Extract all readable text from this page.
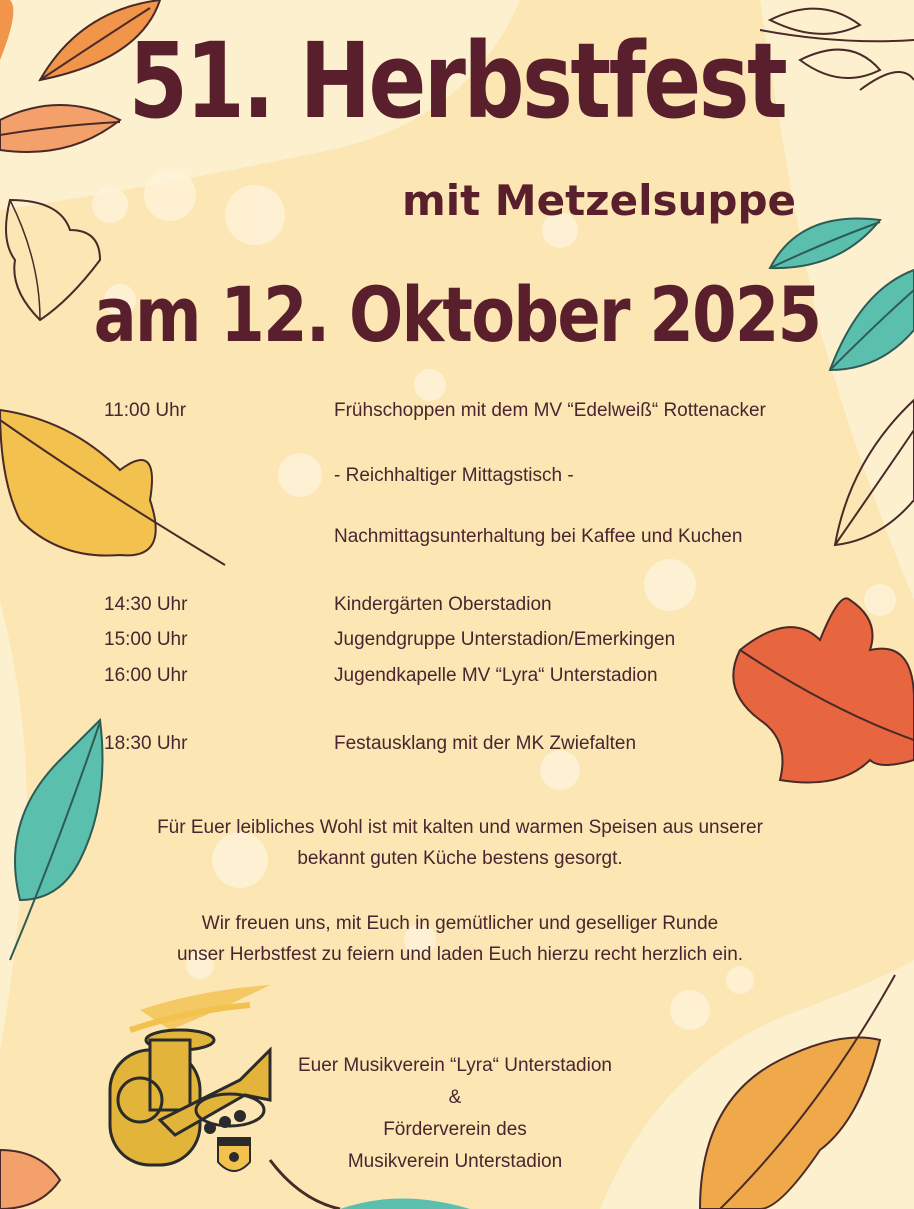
51. Herbstfest
mit Metzelsuppe
am 12. Oktober 2025
11:00 Uhr	Frühschoppen mit dem MV “Edelweiß“ Rottenacker
- Reichhaltiger Mittagstisch -
Nachmittagsunterhaltung bei Kaffee und Kuchen
14:30 Uhr	Kindergärten Oberstadion
15:00 Uhr	Jugendgruppe Unterstadion/Emerkingen
16:00 Uhr	Jugendkapelle MV “Lyra“ Unterstadion
18:30 Uhr	Festausklang mit der MK Zwiefalten
Für Euer leibliches Wohl ist mit kalten und warmen Speisen aus unserer
bekannt guten Küche bestens gesorgt.
Wir freuen uns, mit Euch in gemütlicher und geselliger Runde
unser Herbstfest zu feiern und laden Euch hierzu recht herzlich ein.
Euer Musikverein “Lyra“ Unterstadion
&
Förderverein des
Musikverein Unterstadion
